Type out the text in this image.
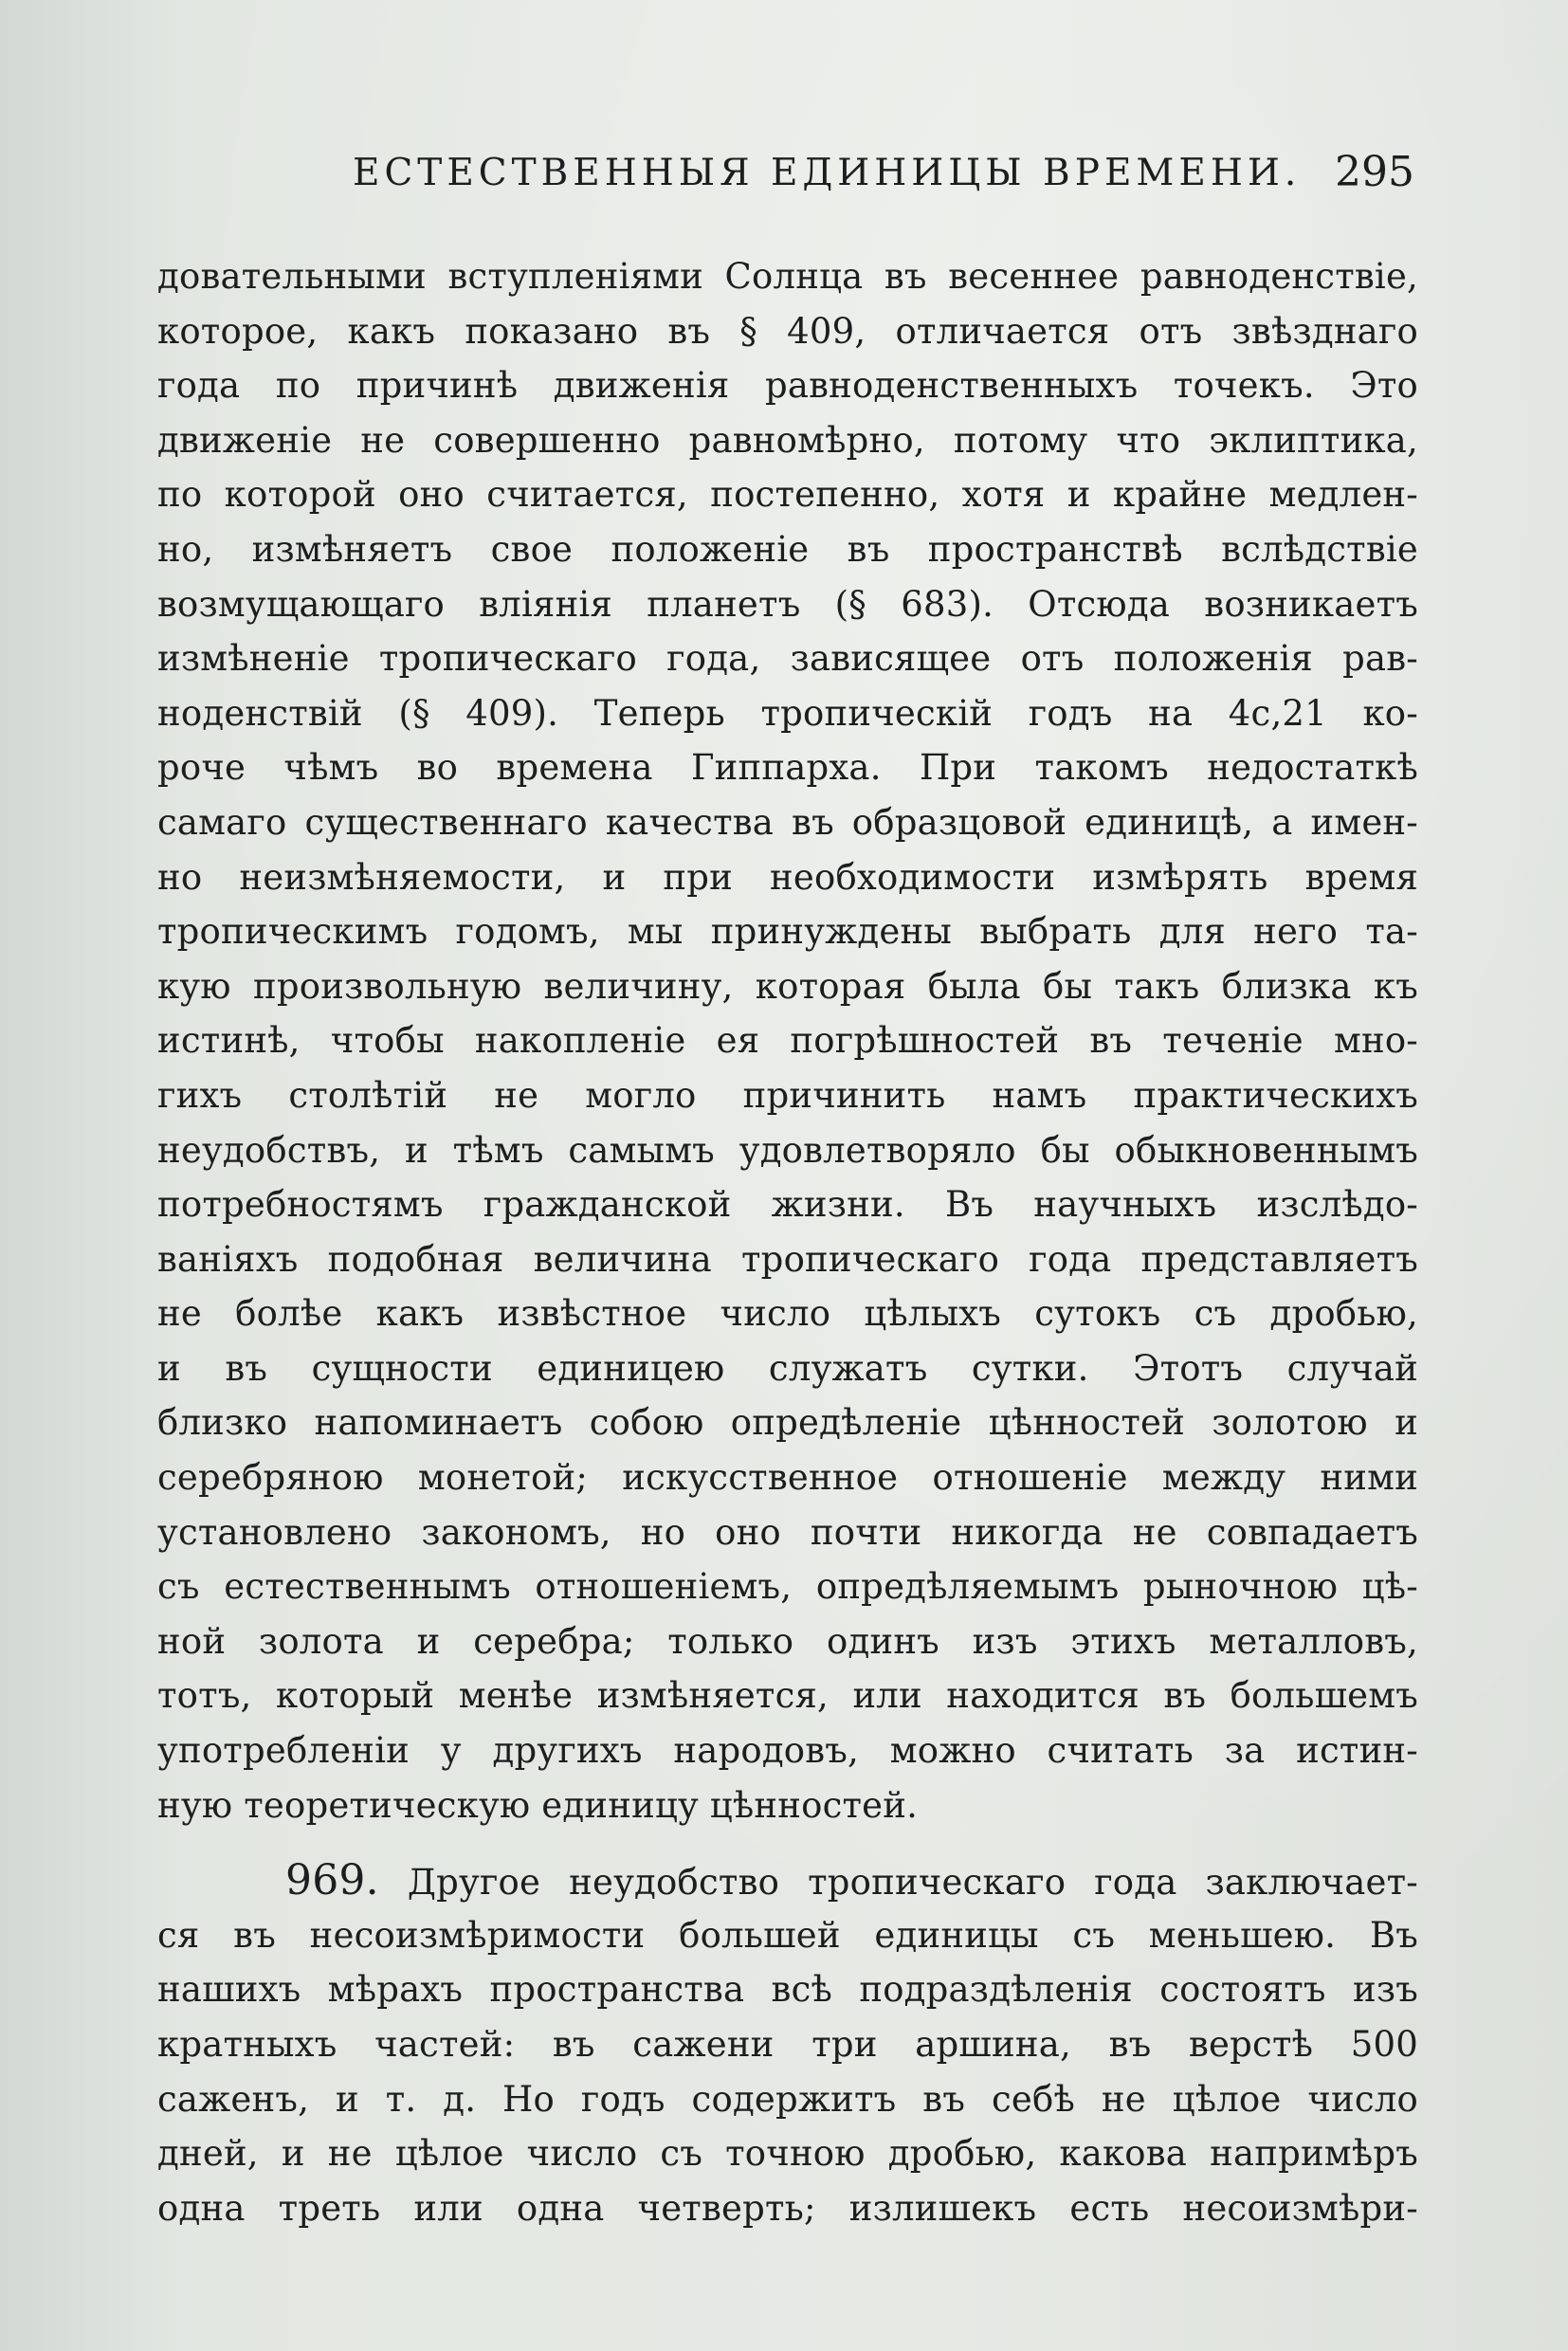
ЕСТЕСТВЕННЫЯ ЕДИНИЦЫ ВРЕМЕНИ. 295
довательными вступленіями Солнца въ весеннее равноденствіе,
которое, какъ показано въ § 409, отличается отъ звѣзднаго
года по причинѣ движенія равноденственныхъ точекъ. Это
движеніе не совершенно равномѣрно, потому что эклиптика,
по которой оно считается, постепенно, хотя и крайне медлен-
но, измѣняетъ свое положеніе въ пространствѣ вслѣдствіе
возмущающаго вліянія планетъ (§ 683). Отсюда возникаетъ
измѣненіе тропическаго года, зависящее отъ положенія рав-
ноденствій (§ 409). Теперь тропическій годъ на 4с,21 ко-
роче чѣмъ во времена Гиппарха. При такомъ недостаткѣ
самаго существеннаго качества въ образцовой единицѣ, а имен-
но неизмѣняемости, и при необходимости измѣрять время
тропическимъ годомъ, мы принуждены выбрать для него та-
кую произвольную величину, которая была бы такъ близка къ
истинѣ, чтобы накопленіе ея погрѣшностей въ теченіе мно-
гихъ столѣтій не могло причинить намъ практическихъ
неудобствъ, и тѣмъ самымъ удовлетворяло бы обыкновеннымъ
потребностямъ гражданской жизни. Въ научныхъ изслѣдо-
ваніяхъ подобная величина тропическаго года представляетъ
не болѣе какъ извѣстное число цѣлыхъ сутокъ съ дробью,
и въ сущности единицею служатъ сутки. Этотъ случай
близко напоминаетъ собою опредѣленіе цѣнностей золотою и
серебряною монетой; искусственное отношеніе между ними
установлено закономъ, но оно почти никогда не совпадаетъ
съ естественнымъ отношеніемъ, опредѣляемымъ рыночною цѣ-
ной золота и серебра; только одинъ изъ этихъ металловъ,
тотъ, который менѣе измѣняется, или находится въ большемъ
употребленіи у другихъ народовъ, можно считать за истин-
ную теоретическую единицу цѣнностей.
969. Другое неудобство тропическаго года заключает-
ся въ несоизмѣримости большей единицы съ меньшею. Въ
нашихъ мѣрахъ пространства всѣ подраздѣленія состоятъ изъ
кратныхъ частей: въ сажени три аршина, въ верстѣ 500
саженъ, и т. д. Но годъ содержитъ въ себѣ не цѣлое число
дней, и не цѣлое число съ точною дробью, какова напримѣръ
одна треть или одна четверть; излишекъ есть несоизмѣри-
